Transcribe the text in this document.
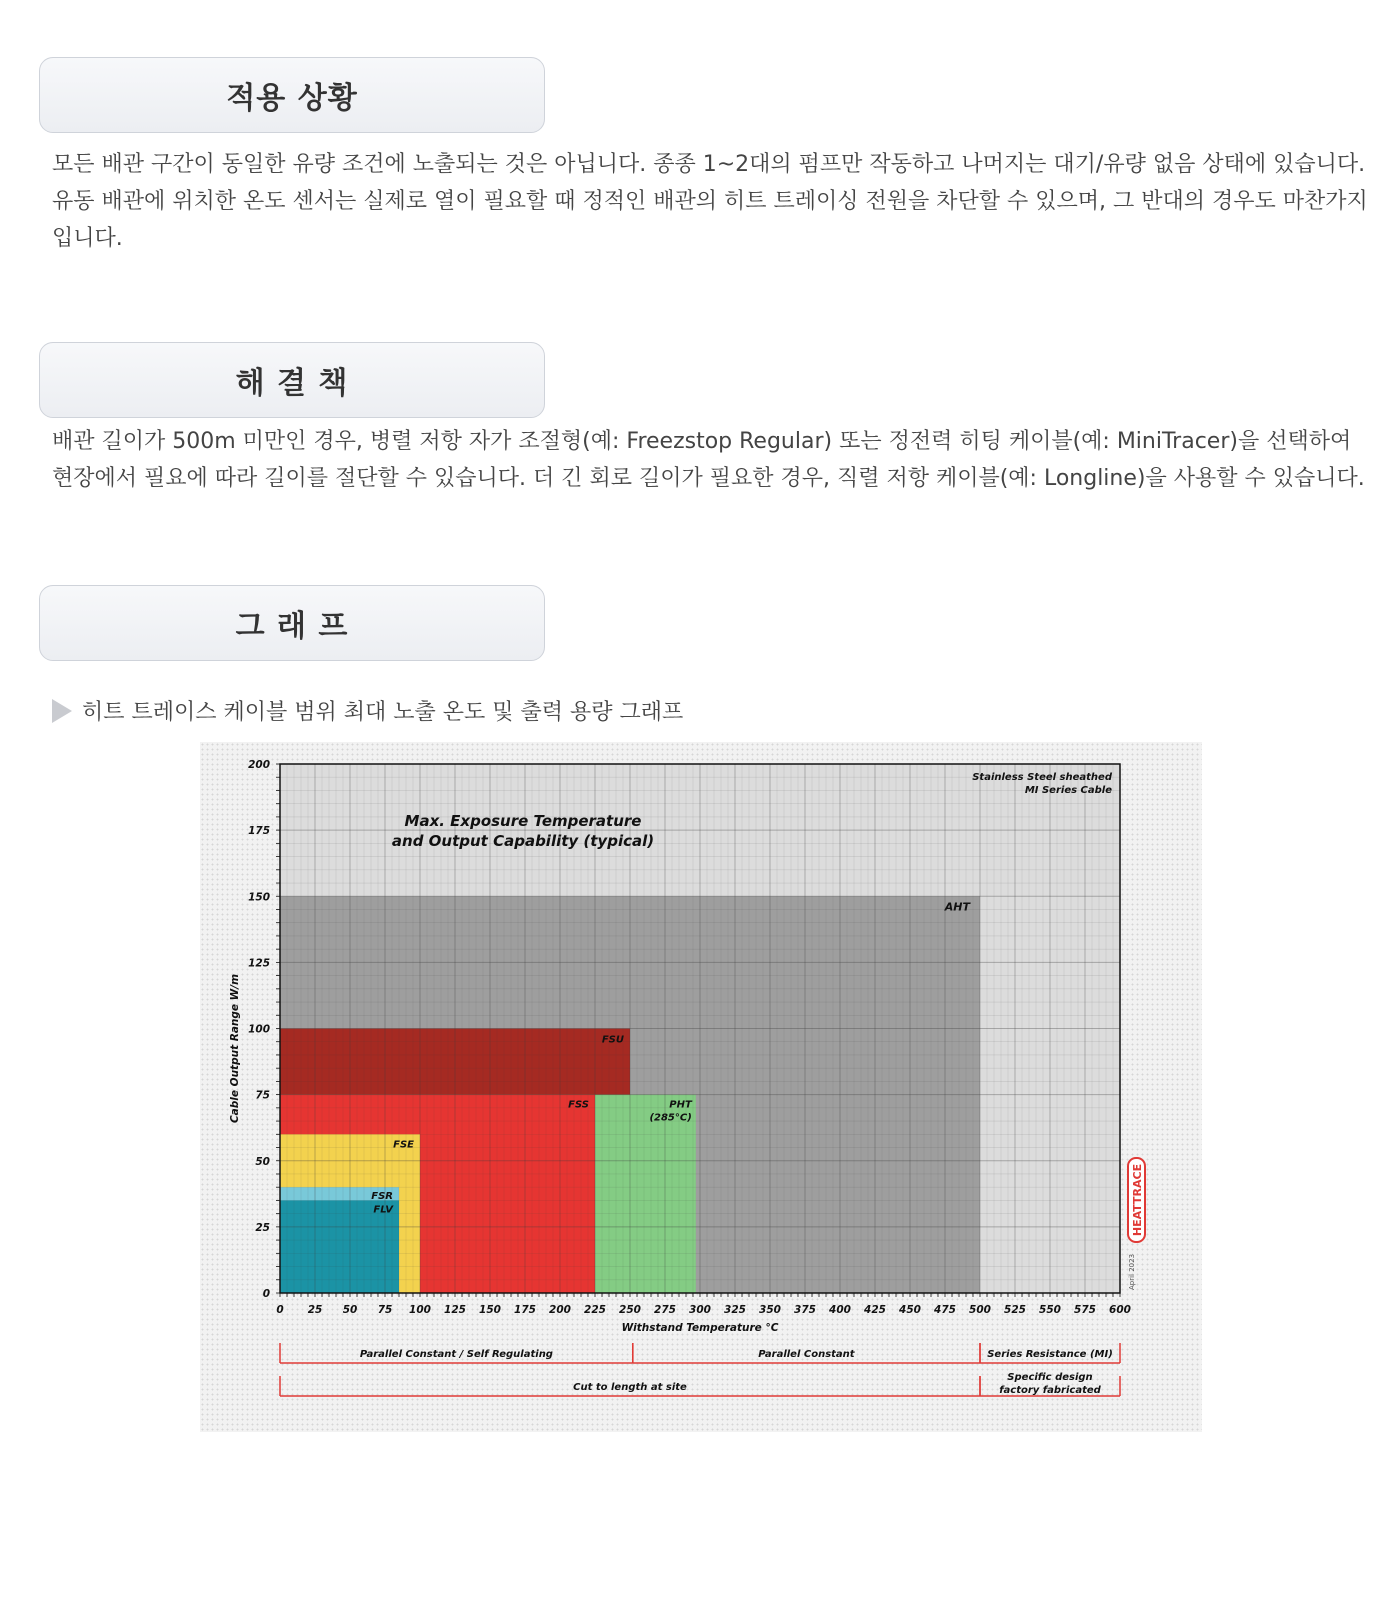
적용 상황

모든 배관 구간이 동일한 유량 조건에 노출되는 것은 아닙니다. 종종 1~2대의 펌프만 작동하고 나머지는 대기/유량 없음 상태에 있습니다. 유동 배관에 위치한 온도 센서는 실제로 열이 필요할 때 정적인 배관의 히트 트레이싱 전원을 차단할 수 있으며, 그 반대의 경우도 마찬가지입니다.

해 결 책

배관 길이가 500m 미만인 경우, 병렬 저항 자가 조절형(예: Freezstop Regular) 또는 정전력 히팅 케이블(예: MiniTracer)을 선택하여 현장에서 필요에 따라 길이를 절단할 수 있습니다. 더 긴 회로 길이가 필요한 경우, 직렬 저항 케이블(예: Longline)을 사용할 수 있습니다.

그 래 프
히트 트레이스 케이블 범위 최대 노출 온도 및 출력 용량 그래프
0 25 50 75 100 125 150 175 200 225 250 275 300 325 350 375 400 425 450 475 500 525 550 575 600
0
25
50
75
100
125
150
175
200
Withstand Temperature °C
Cable Output Range W/m
Max. Exposure Temperature
and Output Capability (typical)
Stainless Steel sheathed
MI Series Cable
AHT
FSU
FSS	PHT
(285°C)
FSE
FSR
FLV
Parallel Constant / Self Regulating	Parallel Constant	Series Resistance (MI)
Cut to length at site
Specific design
factory fabricated
HEATTRACE
April 2023
